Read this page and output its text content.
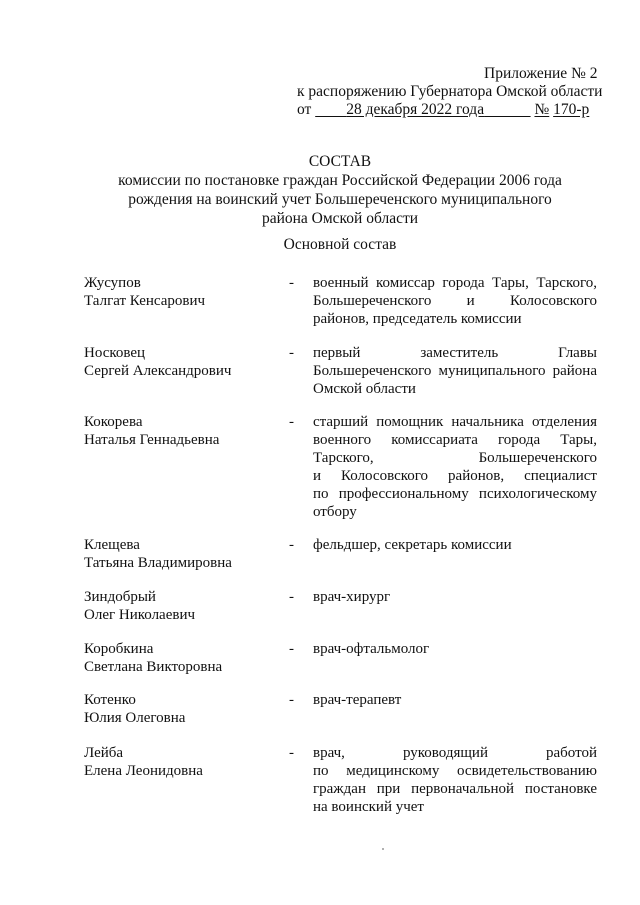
Приложение № 2
к распоряжению Губернатора Омской области
от 28 декабря 2022 года	№ 170-р
СОСТАВ
комиссии по постановке граждан Российской Федерации 2006 года
рождения на воинский учет Большереченского муниципального
района Омской области
Основной состав
Жусупов
Талгат Кенсарович
- военный комиссар города Тары, Тарского,
Большереченского и Колосовского
районов, председатель комиссии
Носковец
Сергей Александрович
- первый заместитель Главы
Большереченского муниципального района
Омской области
Кокорева
Наталья Геннадьевна
- старший помощник начальника отделения
военного комиссариата города Тары,
Тарского, Большереченского
и Колосовского районов, специалист
по профессиональному психологическому
отбору
Клещева
Татьяна Владимировна
- фельдшер, секретарь комиссии
Зиндобрый
Олег Николаевич
- врач-хирург
Коробкина
Светлана Викторовна
- врач-офтальмолог
Котенко
Юлия Олеговна
- врач-терапевт
Лейба
Елена Леонидовна
- врач, руководящий работой
по медицинскому освидетельствованию
граждан при первоначальной постановке
на воинский учет
